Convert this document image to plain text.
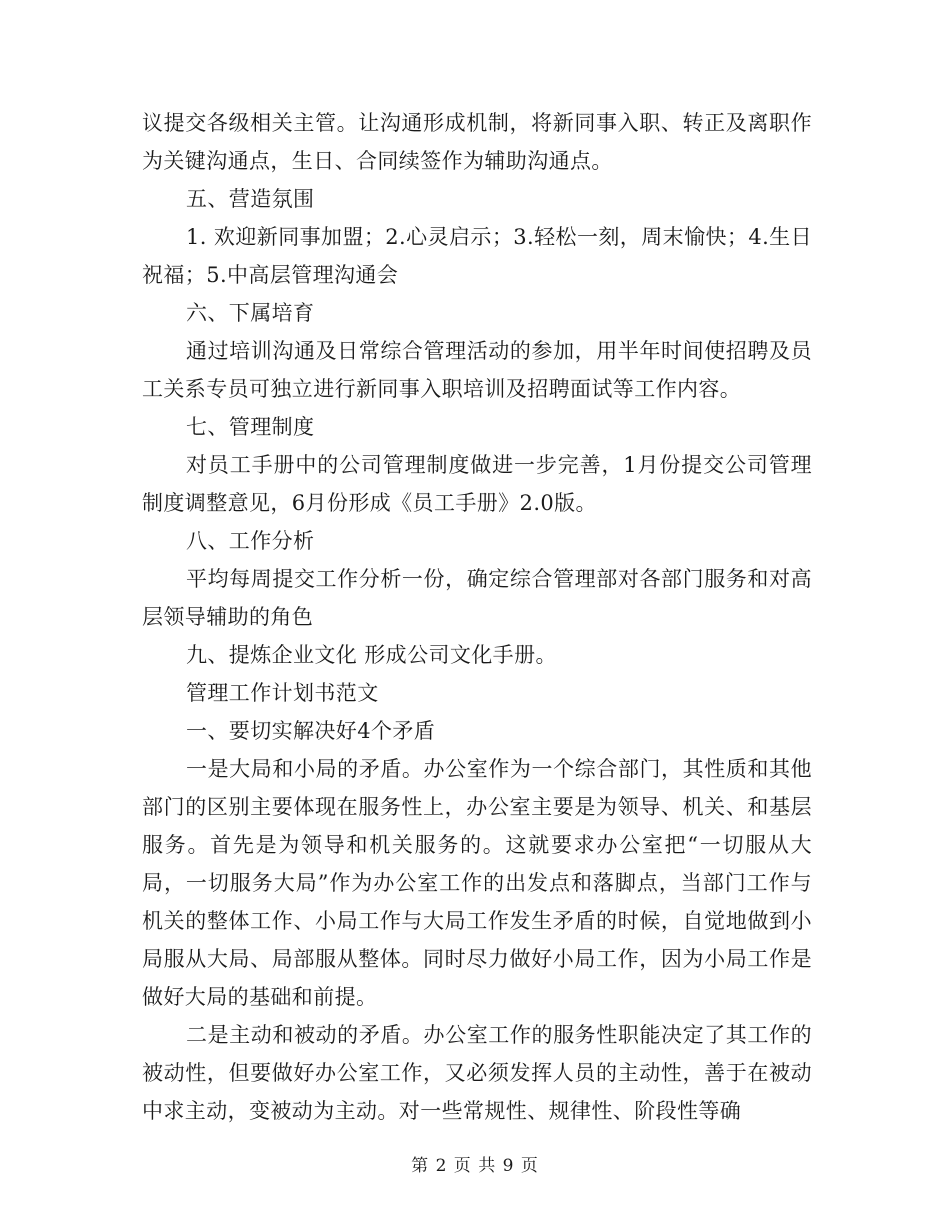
议提交各级相关主管。让沟通形成机制，将新同事入职、转正及离职作为关键沟通点，生日、合同续签作为辅助沟通点。

五、营造氛围

1. 欢迎新同事加盟；2.心灵启示；3.轻松一刻，周末愉快；4.生日祝福；5.中高层管理沟通会

六、下属培育

通过培训沟通及日常综合管理活动的参加，用半年时间使招聘及员工关系专员可独立进行新同事入职培训及招聘面试等工作内容。

七、管理制度

对员工手册中的公司管理制度做进一步完善，1月份提交公司管理制度调整意见，6月份形成《员工手册》2.0版。

八、工作分析

平均每周提交工作分析一份，确定综合管理部对各部门服务和对高层领导辅助的角色

九、提炼企业文化 形成公司文化手册。

管理工作计划书范文

一、要切实解决好4个矛盾

一是大局和小局的矛盾。办公室作为一个综合部门，其性质和其他部门的区别主要体现在服务性上，办公室主要是为领导、机关、和基层服务。首先是为领导和机关服务的。这就要求办公室把“一切服从大局，一切服务大局”作为办公室工作的出发点和落脚点，当部门工作与机关的整体工作、小局工作与大局工作发生矛盾的时候，自觉地做到小局服从大局、局部服从整体。同时尽力做好小局工作，因为小局工作是做好大局的基础和前提。

二是主动和被动的矛盾。办公室工作的服务性职能决定了其工作的被动性，但要做好办公室工作，又必须发挥人员的主动性，善于在被动中求主动，变被动为主动。对一些常规性、规律性、阶段性等确

第 2 页 共 9 页
